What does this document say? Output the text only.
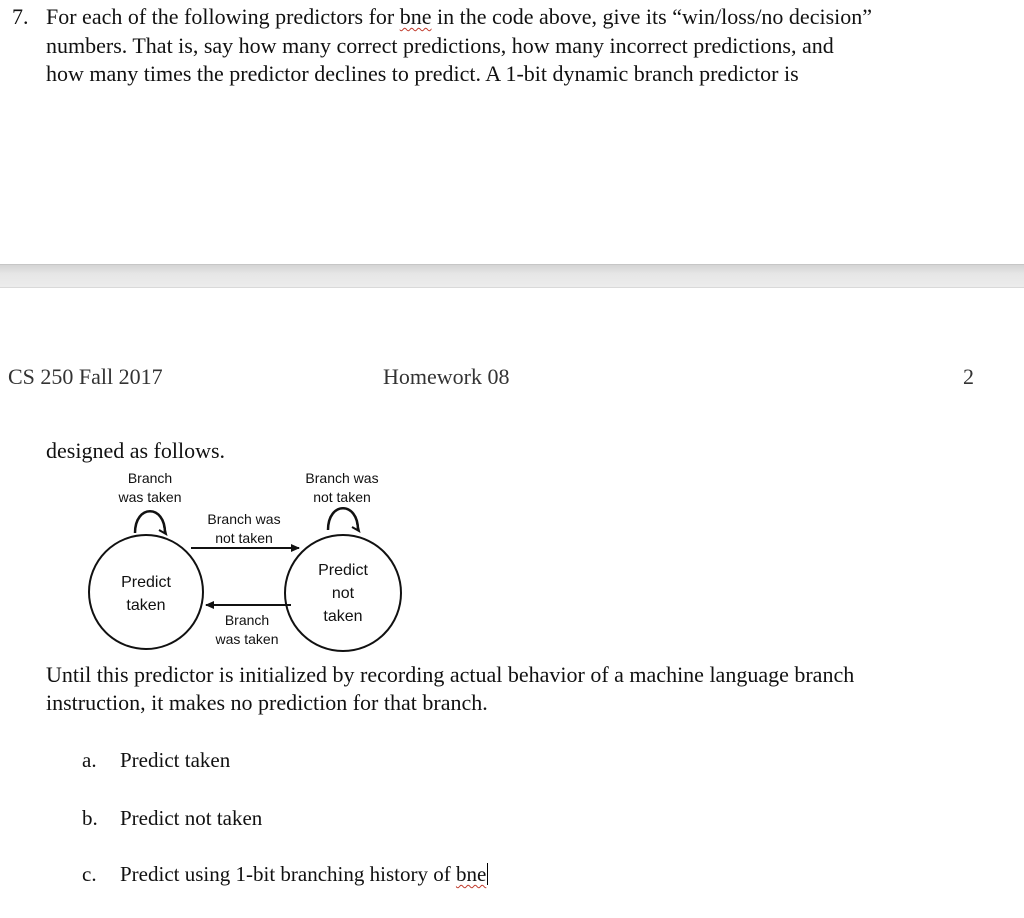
7. For each of the following predictors for bne in the code above, give its “win/loss/no decision”
numbers. That is, say how many correct predictions, how many incorrect predictions, and
how many times the predictor declines to predict. A 1-bit dynamic branch predictor is
CS 250 Fall 2017	Homework 08	2
designed as follows.
Branch
was taken
Branch was
not taken
Predict
taken
Predict
not
taken
Branch was
not taken
Branch
was taken
Until this predictor is initialized by recording actual behavior of a machine language branch
instruction, it makes no prediction for that branch.
a. Predict taken
b. Predict not taken
c. Predict using 1-bit branching history of bne
